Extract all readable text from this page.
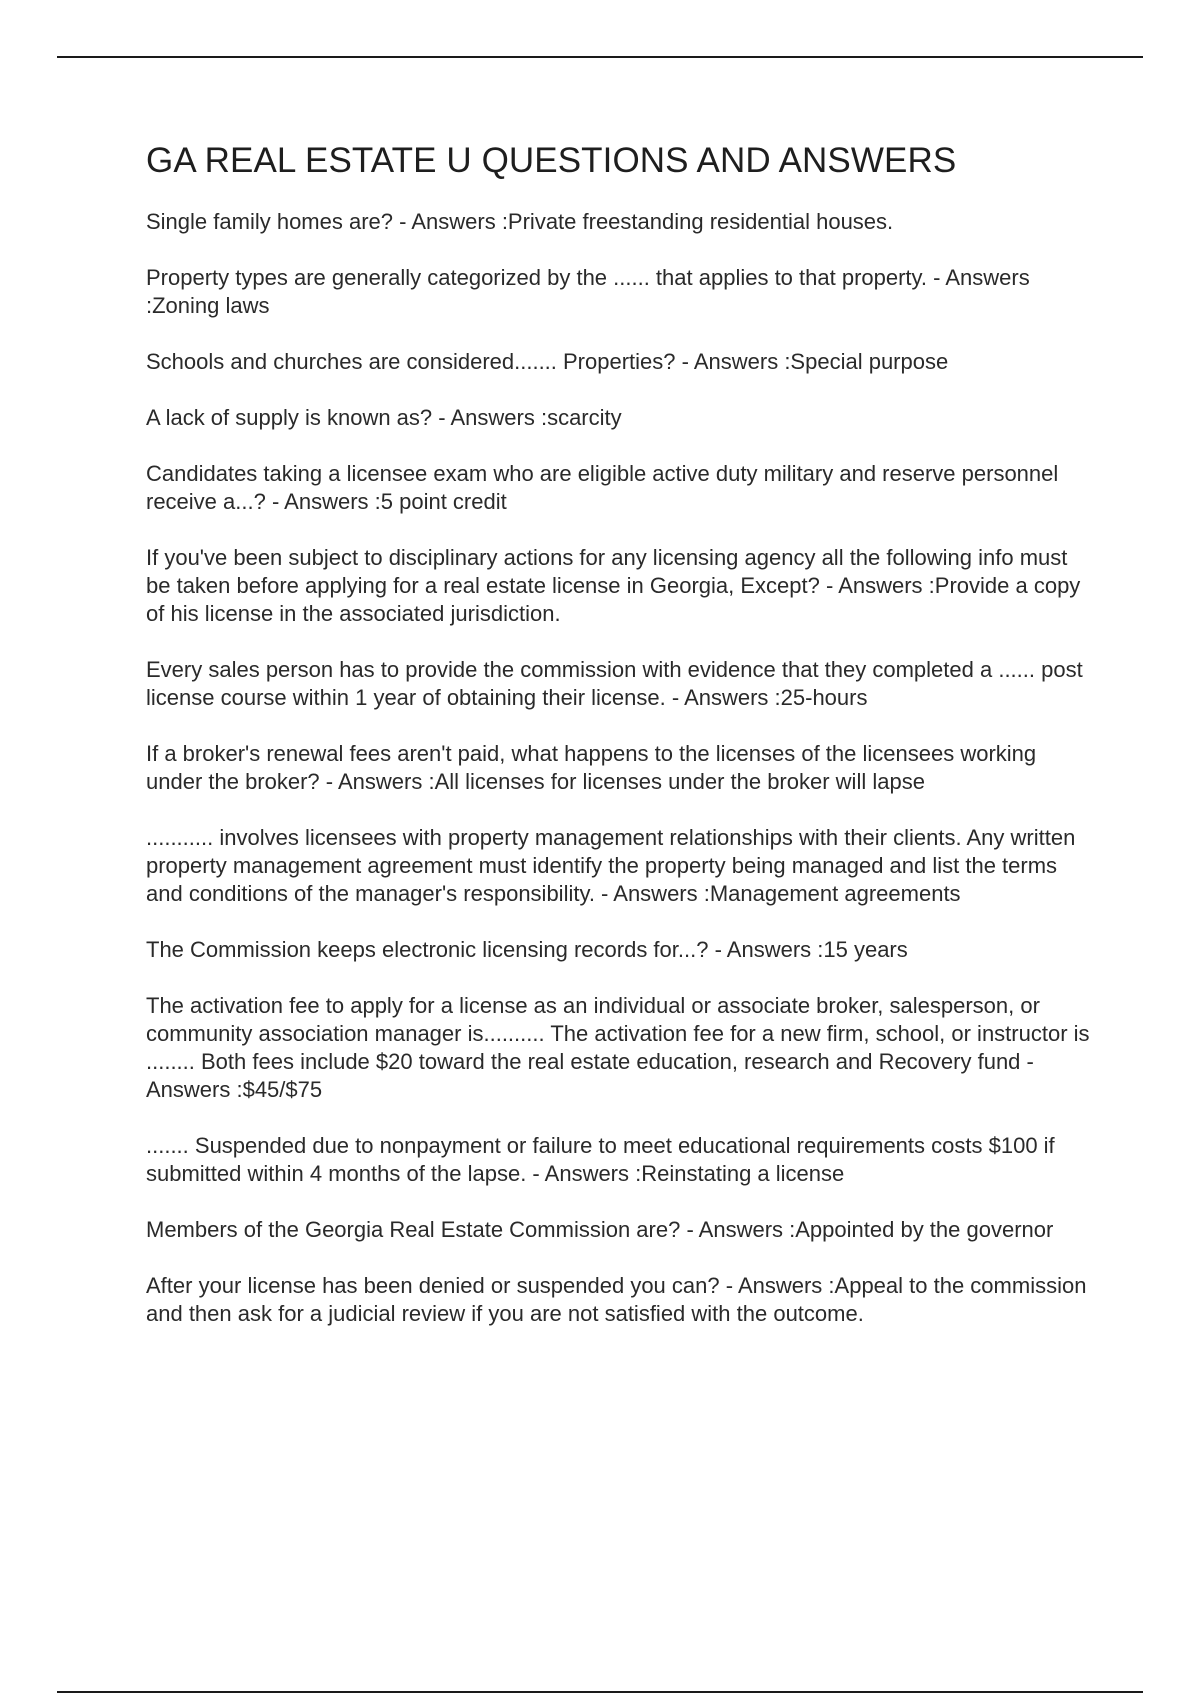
GA REAL ESTATE U QUESTIONS AND ANSWERS
Single family homes are? - Answers :Private freestanding residential houses.
Property types are generally categorized by the ...... that applies to that property. - Answers :Zoning laws
Schools and churches are considered....... Properties? - Answers :Special purpose
A lack of supply is known as? - Answers :scarcity
Candidates taking a licensee exam who are eligible active duty military and reserve personnel receive a...? - Answers :5 point credit
If you've been subject to disciplinary actions for any licensing agency all the following info must be taken before applying for a real estate license in Georgia, Except? - Answers :Provide a copy of his license in the associated jurisdiction.
Every sales person has to provide the commission with evidence that they completed a ...... post license course within 1 year of obtaining their license. - Answers :25-hours
If a broker's renewal fees aren't paid, what happens to the licenses of the licensees working under the broker? - Answers :All licenses for licenses under the broker will lapse
........... involves licensees with property management relationships with their clients. Any written property management agreement must identify the property being managed and list the terms and conditions of the manager's responsibility. - Answers :Management agreements
The Commission keeps electronic licensing records for...? - Answers :15 years
The activation fee to apply for a license as an individual or associate broker, salesperson, or community association manager is.......... The activation fee for a new firm, school, or instructor is ........ Both fees include $20 toward the real estate education, research and Recovery fund - Answers :$45/$75
....... Suspended due to nonpayment or failure to meet educational requirements costs $100 if submitted within 4 months of the lapse. - Answers :Reinstating a license
Members of the Georgia Real Estate Commission are? - Answers :Appointed by the governor
After your license has been denied or suspended you can? - Answers :Appeal to the commission and then ask for a judicial review if you are not satisfied with the outcome.
